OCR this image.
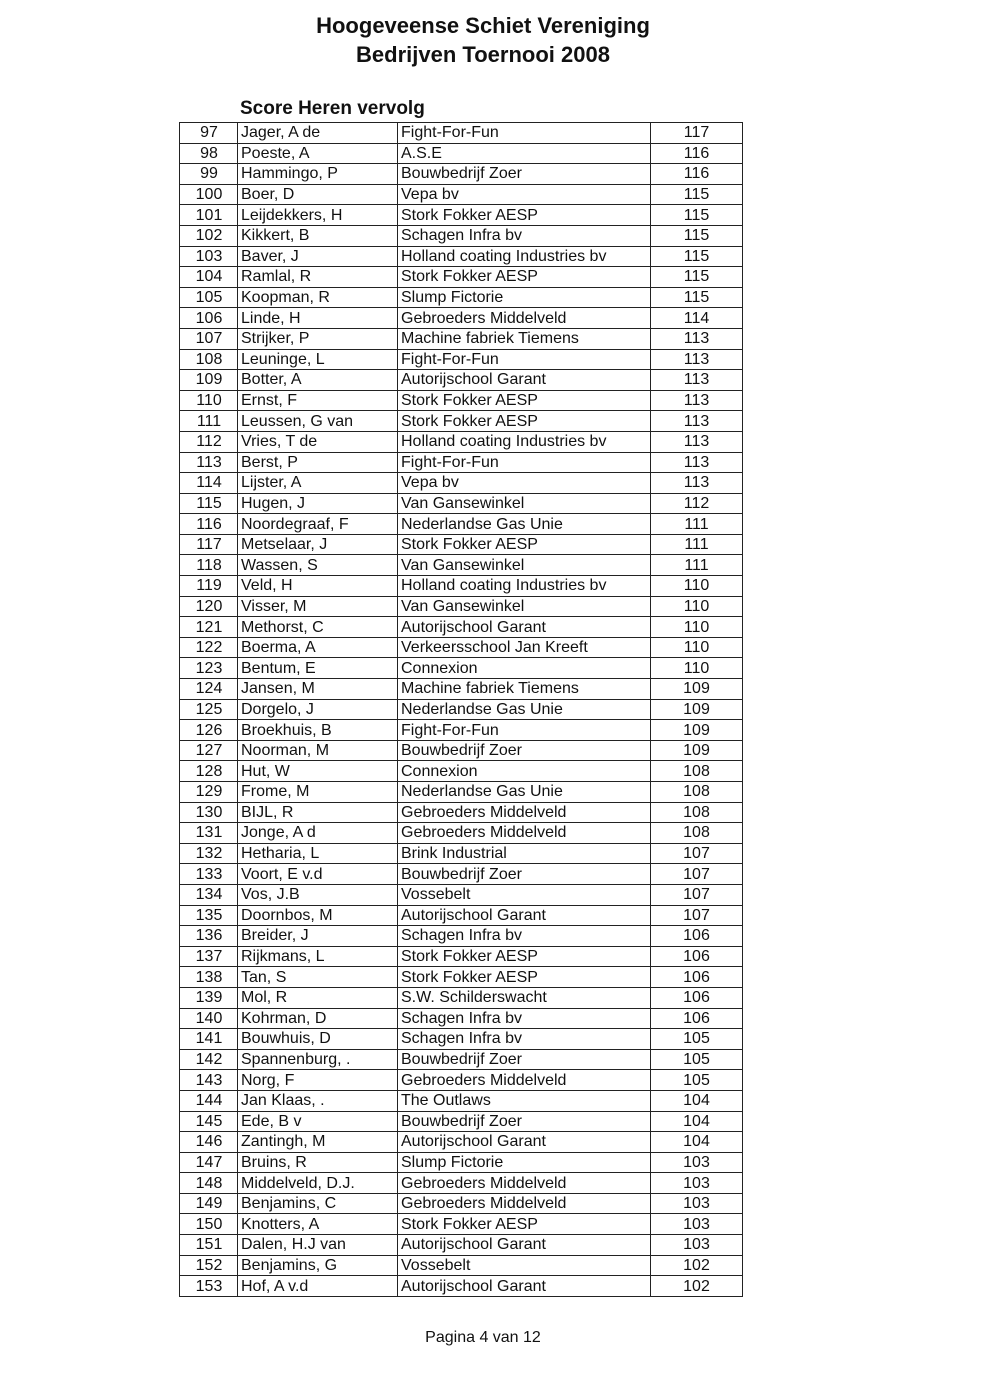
Hoogeveense Schiet Vereniging
Bedrijven Toernooi 2008
Score Heren vervolg
97	Jager, A de	Fight-For-Fun	117
98	Poeste, A	A.S.E	116
99	Hammingo, P	Bouwbedrijf Zoer	116
100	Boer, D	Vepa bv	115
101	Leijdekkers, H	Stork Fokker AESP	115
102	Kikkert, B	Schagen Infra bv	115
103	Baver, J	Holland coating Industries bv	115
104	Ramlal, R	Stork Fokker AESP	115
105	Koopman, R	Slump Fictorie	115
106	Linde, H	Gebroeders Middelveld	114
107	Strijker, P	Machine fabriek Tiemens	113
108	Leuninge, L	Fight-For-Fun	113
109	Botter, A	Autorijschool Garant	113
110	Ernst, F	Stork Fokker AESP	113
111	Leussen, G van	Stork Fokker AESP	113
112	Vries, T de	Holland coating Industries bv	113
113	Berst, P	Fight-For-Fun	113
114	Lijster, A	Vepa bv	113
115	Hugen, J	Van Gansewinkel	112
116	Noordegraaf, F	Nederlandse Gas Unie	111
117	Metselaar, J	Stork Fokker AESP	111
118	Wassen, S	Van Gansewinkel	111
119	Veld, H	Holland coating Industries bv	110
120	Visser, M	Van Gansewinkel	110
121	Methorst, C	Autorijschool Garant	110
122	Boerma, A	Verkeersschool Jan Kreeft	110
123	Bentum, E	Connexion	110
124	Jansen, M	Machine fabriek Tiemens	109
125	Dorgelo, J	Nederlandse Gas Unie	109
126	Broekhuis, B	Fight-For-Fun	109
127	Noorman, M	Bouwbedrijf Zoer	109
128	Hut, W	Connexion	108
129	Frome, M	Nederlandse Gas Unie	108
130	BIJL, R	Gebroeders Middelveld	108
131	Jonge, A d	Gebroeders Middelveld	108
132	Hetharia, L	Brink Industrial	107
133	Voort, E v.d	Bouwbedrijf Zoer	107
134	Vos, J.B	Vossebelt	107
135	Doornbos, M	Autorijschool Garant	107
136	Breider, J	Schagen Infra bv	106
137	Rijkmans, L	Stork Fokker AESP	106
138	Tan, S	Stork Fokker AESP	106
139	Mol, R	S.W. Schilderswacht	106
140	Kohrman, D	Schagen Infra bv	106
141	Bouwhuis, D	Schagen Infra bv	105
142	Spannenburg, .	Bouwbedrijf Zoer	105
143	Norg, F	Gebroeders Middelveld	105
144	Jan Klaas, .	The Outlaws	104
145	Ede, B v	Bouwbedrijf Zoer	104
146	Zantingh, M	Autorijschool Garant	104
147	Bruins, R	Slump Fictorie	103
148	Middelveld, D.J.	Gebroeders Middelveld	103
149	Benjamins, C	Gebroeders Middelveld	103
150	Knotters, A	Stork Fokker AESP	103
151	Dalen, H.J van	Autorijschool Garant	103
152	Benjamins, G	Vossebelt	102
153	Hof, A v.d	Autorijschool Garant	102
Pagina 4 van 12
